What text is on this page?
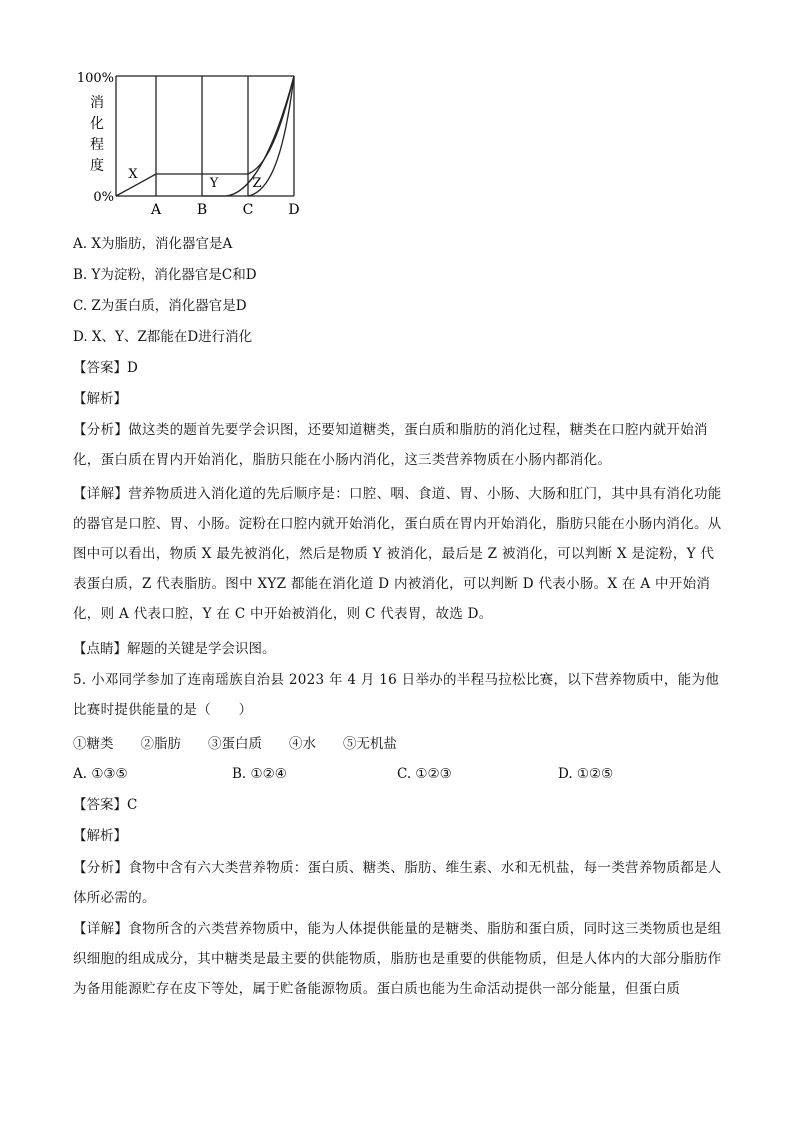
100%
0%
消
化
程
度
A	B	C	D
X
Y	Z
A. X为脂肪，消化器官是A
B. Y为淀粉，消化器官是C和D
C. Z为蛋白质，消化器官是D
D. X、Y、Z都能在D进行消化
【答案】D
【解析】
【分析】做这类的题首先要学会识图，还要知道糖类，蛋白质和脂肪的消化过程，糖类在口腔内就开始消化，蛋白质在胃内开始消化，脂肪只能在小肠内消化，这三类营养物质在小肠内都消化。
【详解】营养物质进入消化道的先后顺序是：口腔、咽、食道、胃、小肠、大肠和肛门，其中具有消化功能的器官是口腔、胃、小肠。淀粉在口腔内就开始消化，蛋白质在胃内开始消化，脂肪只能在小肠内消化。从图中可以看出，物质 X 最先被消化，然后是物质 Y 被消化，最后是 Z 被消化，可以判断 X 是淀粉，Y 代表蛋白质，Z 代表脂肪。图中 XYZ 都能在消化道 D 内被消化，可以判断 D 代表小肠。X 在 A 中开始消化，则 A 代表口腔，Y 在 C 中开始被消化，则 C 代表胃，故选 D。
【点睛】解题的关键是学会识图。
5. 小邓同学参加了连南瑶族自治县 2023 年 4 月 16 日举办的半程马拉松比赛，以下营养物质中，能为他比赛时提供能量的是（　　）
①糖类　　②脂肪　　③蛋白质　　④水　　⑤无机盐
A. ①③⑤	B. ①②④	C. ①②③	D. ①②⑤
【答案】C
【解析】
【分析】食物中含有六大类营养物质：蛋白质、糖类、脂肪、维生素、水和无机盐，每一类营养物质都是人体所必需的。
【详解】食物所含的六类营养物质中，能为人体提供能量的是糖类、脂肪和蛋白质，同时这三类物质也是组织细胞的组成成分，其中糖类是最主要的供能物质，脂肪也是重要的供能物质，但是人体内的大部分脂肪作为备用能源贮存在皮下等处，属于贮备能源物质。蛋白质也能为生命活动提供一部分能量，但蛋白质
